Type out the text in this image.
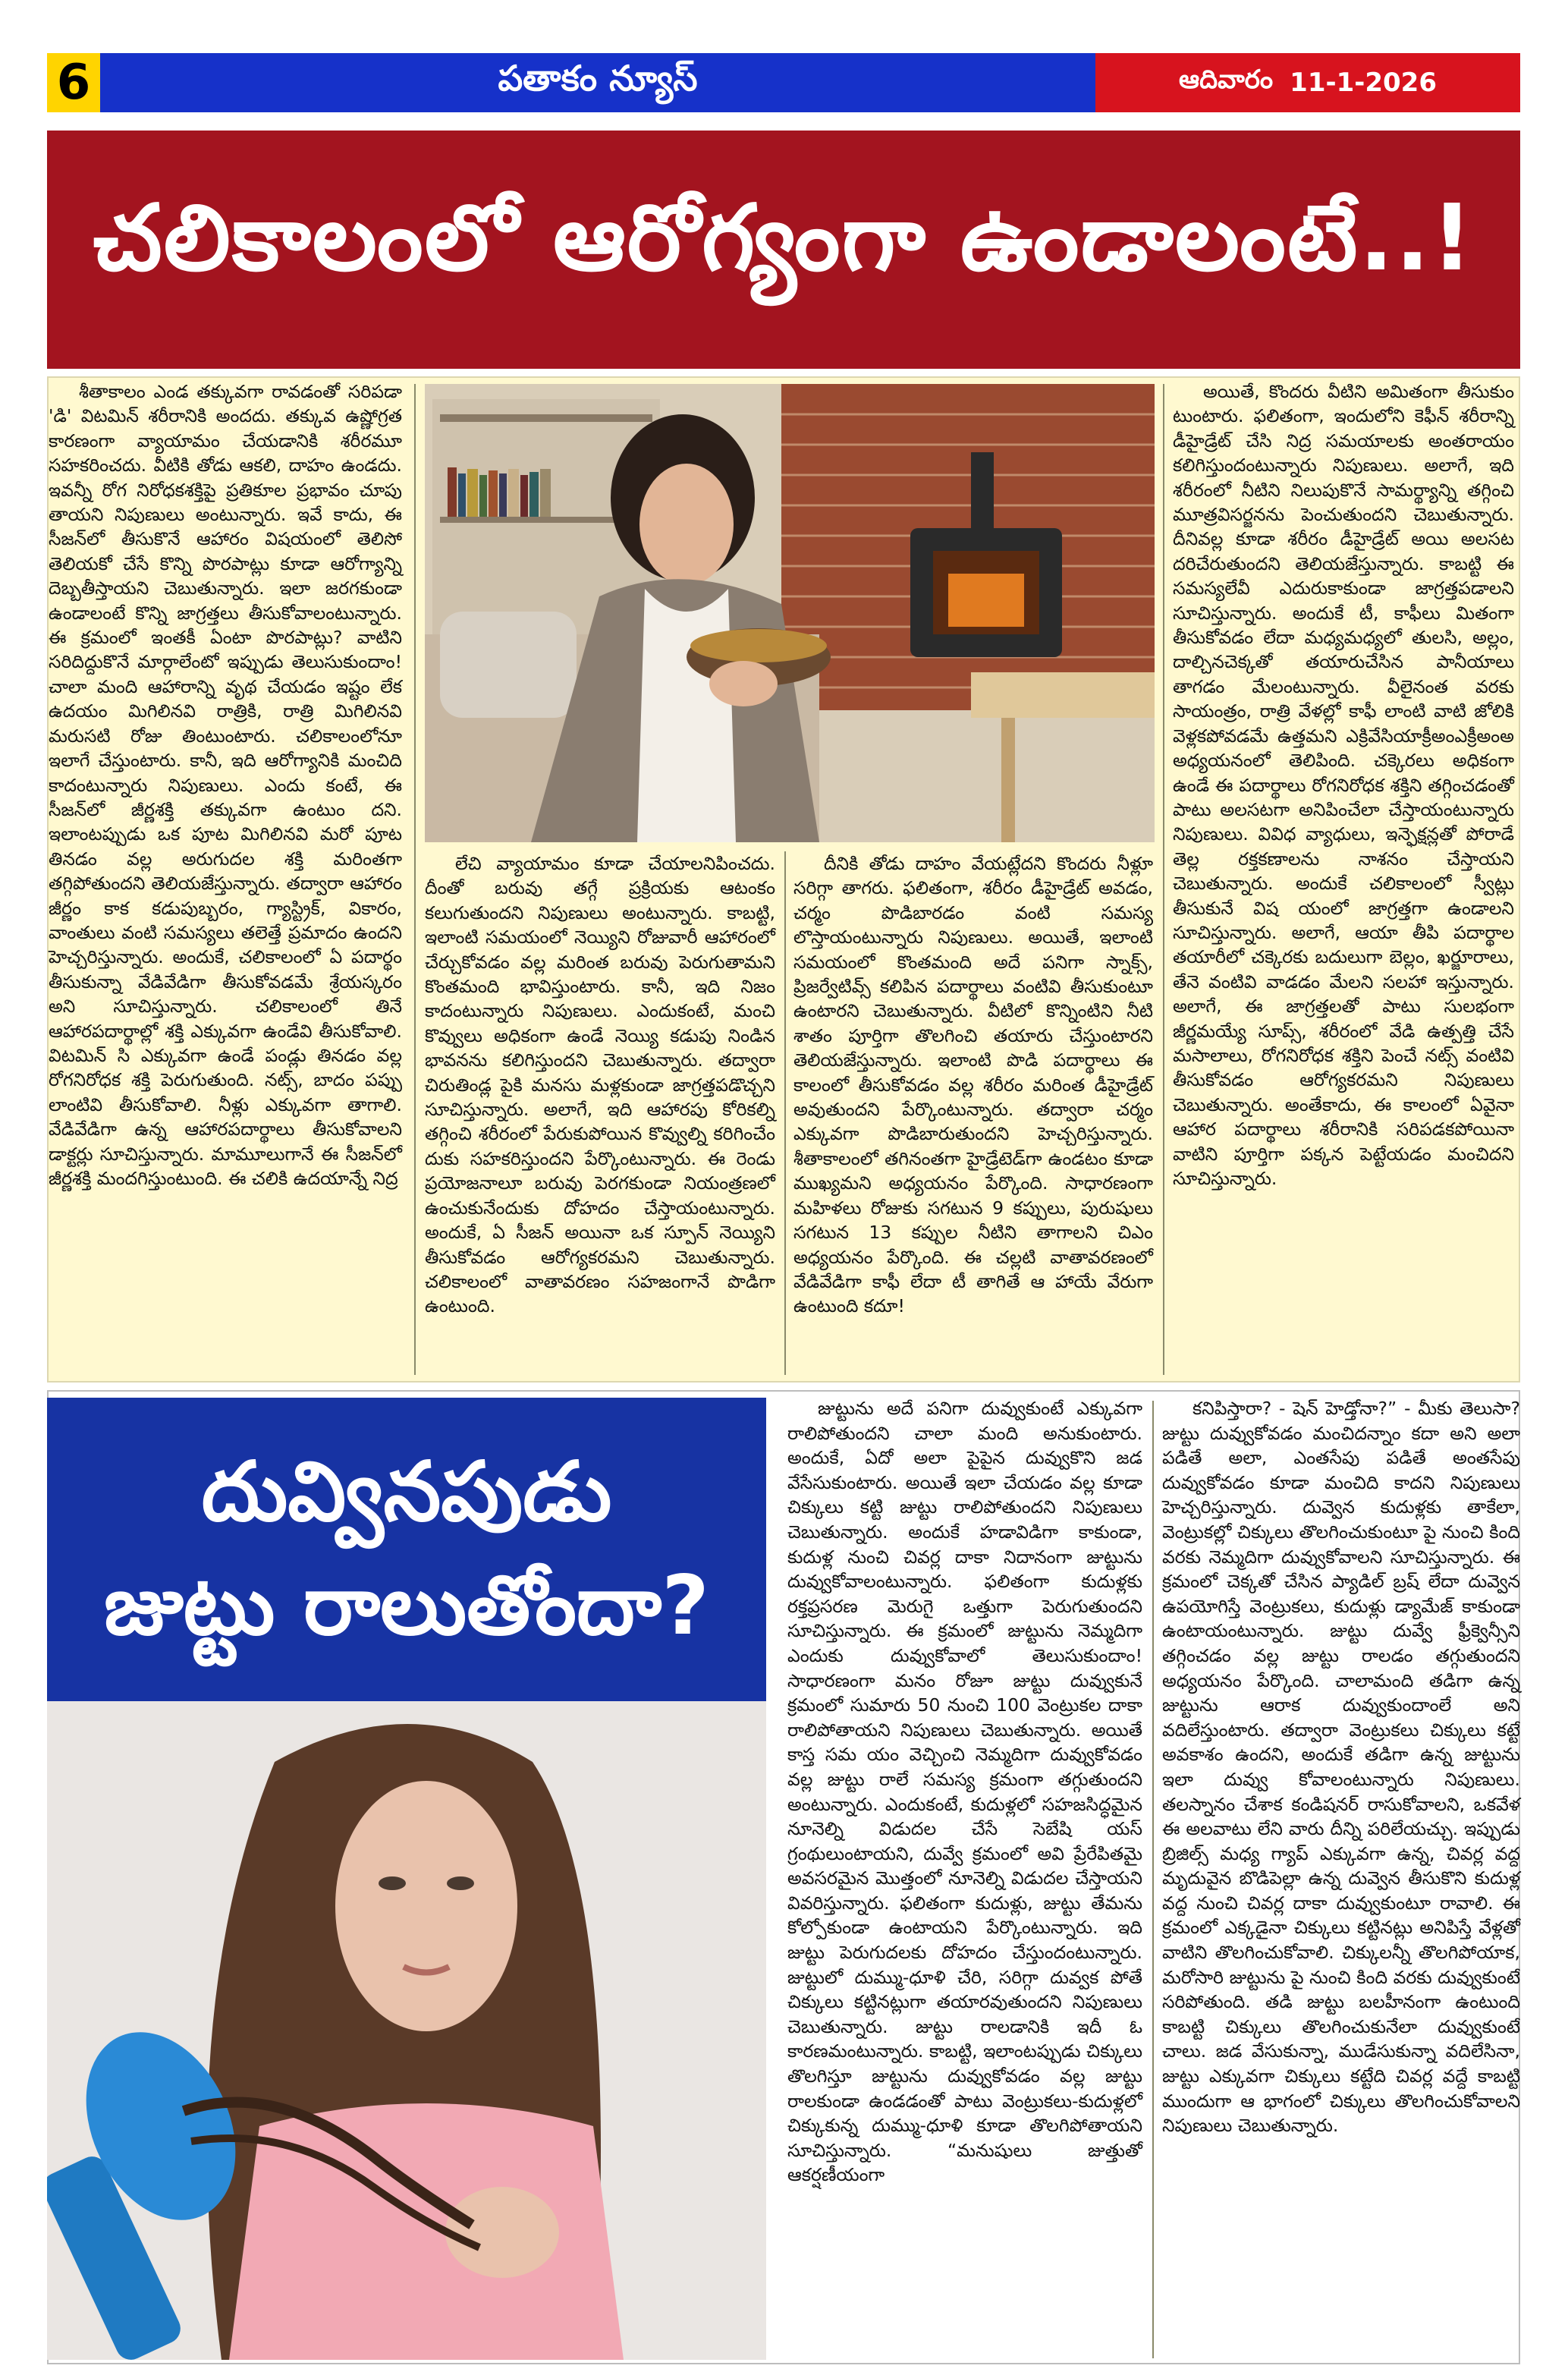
6	పతాకం న్యూస్	ఆదివారం 11-1-2026
చలికాలంలో ఆరోగ్యంగా ఉండాలంటే..!

శీతాకాలం ఎండ తక్కువగా రావడంతో సరిపడా 'డి' విటమిన్ శరీరానికి అందదు. తక్కువ ఉష్ణోగ్రత కారణంగా వ్యాయామం చేయడానికి శరీరమూ సహకరించదు. వీటికి తోడు ఆకలి, దాహం ఉండదు. ఇవన్నీ రోగ నిరోధకశక్తిపై ప్రతికూల ప్రభావం చూపు తాయని నిపుణులు అంటున్నారు. ఇవే కాదు, ఈ సీజన్‌లో తీసుకొనే ఆహారం విషయంలో తెలిసో తెలియకో చేసే కొన్ని పొరపాట్లు కూడా ఆరోగ్యాన్ని దెబ్బతీస్తాయని చెబుతున్నారు. ఇలా జరగకుండా ఉండాలంటే కొన్ని జాగ్రత్తలు తీసుకోవాలంటున్నారు. ఈ క్రమంలో ఇంతకీ ఏంటా పొరపాట్లు? వాటిని సరిదిద్దుకొనే మార్గాలేంటో ఇప్పుడు తెలుసుకుందాం! చాలా మంది ఆహారాన్ని వృథ చేయడం ఇష్టం లేక ఉదయం మిగిలినవి రాత్రికి, రాత్రి మిగిలినవి మరుసటి రోజు తింటుంటారు. చలికాలంలోనూ ఇలాగే చేస్తుంటారు. కానీ, ఇది ఆరోగ్యానికి మంచిది కాదంటున్నారు నిపుణులు. ఎందు కంటే, ఈ సీజన్‌లో జీర్ణశక్తి తక్కువగా ఉంటుం దని. ఇలాంటప్పుడు ఒక పూట మిగిలినవి మరో పూట తినడం వల్ల అరుగుదల శక్తి మరింతగా తగ్గిపోతుందని తెలియజేస్తున్నారు. తద్వారా ఆహారం జీర్ణం కాక కడుపుబ్బరం, గ్యాస్ట్రిక్, వికారం, వాంతులు వంటి సమస్యలు తలెత్తే ప్రమాదం ఉందని హెచ్చరిస్తున్నారు. అందుకే, చలికాలంలో ఏ పదార్థం తీసుకున్నా వేడివేడిగా తీసుకోవడమే శ్రేయస్కరం అని సూచిస్తున్నారు. చలికాలంలో తినే ఆహారపదార్థాల్లో శక్తి ఎక్కువగా ఉండేవి తీసుకోవాలి. విటమిన్ సి ఎక్కువగా ఉండే పండ్లు తినడం వల్ల రోగనిరోధక శక్తి పెరుగుతుంది. నట్స్, బాదం పప్పు లాంటివి తీసుకోవాలి. నీళ్లు ఎక్కువగా తాగాలి. వేడివేడిగా ఉన్న ఆహారపదార్థాలు తీసుకోవాలని డాక్టర్లు సూచిస్తున్నారు. మామూలుగానే ఈ సీజన్‌లో జీర్ణశక్తి మందగిస్తుంటుంది. ఈ చలికి ఉదయాన్నే నిద్ర

లేచి వ్యాయామం కూడా చేయాలనిపించదు. దీంతో బరువు తగ్గే ప్రక్రియకు ఆటంకం కలుగుతుందని నిపుణులు అంటున్నారు. కాబట్టి, ఇలాంటి సమయంలో నెయ్యిని రోజువారీ ఆహారంలో చేర్చుకోవడం వల్ల మరింత బరువు పెరుగుతామని కొంతమంది భావిస్తుంటారు. కానీ, ఇది నిజం కాదంటున్నారు నిపుణులు. ఎందుకంటే, మంచి కొవ్వులు అధికంగా ఉండే నెయ్యి కడుపు నిండిన భావనను కలిగిస్తుందని చెబుతున్నారు. తద్వారా చిరుతిండ్ల పైకి మనసు మళ్లకుండా జాగ్రత్తపడొచ్చని సూచిస్తున్నారు. అలాగే, ఇది ఆహారపు కోరికల్ని తగ్గించి శరీరంలో పేరుకుపోయిన కొవ్వుల్ని కరిగించేం దుకు సహకరిస్తుందని పేర్కొంటున్నారు. ఈ రెండు ప్రయోజనాలూ బరువు పెరగకుండా నియంత్రణలో ఉంచుకునేందుకు దోహదం చేస్తాయంటున్నారు. అందుకే, ఏ సీజన్ అయినా ఒక స్పూన్ నెయ్యిని తీసుకోవడం ఆరోగ్యకరమని చెబుతున్నారు. చలికాలంలో వాతావరణం సహజంగానే పొడిగా ఉంటుంది.

దీనికి తోడు దాహం వేయట్లేదని కొందరు నీళ్లూ సరిగ్గా తాగరు. ఫలితంగా, శరీరం డీహైడ్రేట్ అవడం, చర్మం పొడిబారడం వంటి సమస్య లొస్తాయంటున్నారు నిపుణులు. అయితే, ఇలాంటి సమయంలో కొంతమంది అదే పనిగా స్నాక్స్, ప్రిజర్వేటివ్స్ కలిపిన పదార్థాలు వంటివి తీసుకుంటూ ఉంటారని చెబుతున్నారు. వీటిలో కొన్నింటిని నీటి శాతం పూర్తిగా తొలగించి తయారు చేస్తుంటారని తెలియజేస్తున్నారు. ఇలాంటి పొడి పదార్థాలు ఈ కాలంలో తీసుకోవడం వల్ల శరీరం మరింత డీహైడ్రేట్ అవుతుందని పేర్కొంటున్నారు. తద్వారా చర్మం ఎక్కువగా పొడిబారుతుందని హెచ్చరిస్తున్నారు. శీతాకాలంలో తగినంతగా హైడ్రేటెడ్‌గా ఉండటం కూడా ముఖ్యమని అధ్యయనం పేర్కొంది. సాధారణంగా మహిళలు రోజుకు సగటున 9 కప్పులు, పురుషులు సగటున 13 కప్పుల నీటిని తాగాలని చిఎం అధ్యయనం పేర్కొంది. ఈ చల్లటి వాతావరణంలో వేడివేడిగా కాఫీ లేదా టీ తాగితే ఆ హాయే వేరుగా ఉంటుంది కదూ!

అయితే, కొందరు వీటిని అమితంగా తీసుకుం టుంటారు. ఫలితంగా, ఇందులోని కెఫీన్ శరీరాన్ని డీహైడ్రేట్ చేసి నిద్ర సమయాలకు అంతరాయం కలిగిస్తుందంటున్నారు నిపుణులు. అలాగే, ఇది శరీరంలో నీటిని నిలుపుకొనే సామర్థ్యాన్ని తగ్గించి మూత్రవిసర్జనను పెంచుతుందని చెబుతున్నారు. దీనివల్ల కూడా శరీరం డీహైడ్రేట్ అయి అలసట దరిచేరుతుందని తెలియజేస్తున్నారు. కాబట్టి ఈ సమస్యలేవీ ఎదురుకాకుండా జాగ్రత్తపడాలని సూచిస్తున్నారు. అందుకే టీ, కాఫీలు మితంగా తీసుకోవడం లేదా మధ్యమధ్యలో తులసి, అల్లం, దాల్చినచెక్కతో తయారుచేసిన పానీయాలు తాగడం మేలంటున్నారు. వీలైనంత వరకు సాయంత్రం, రాత్రి వేళల్లో కాఫీ లాంటి వాటి జోలికి వెళ్లకపోవడమే ఉత్తమని ఎక్రివేసియాక్రీఅంఎక్రీఅంఅ అధ్యయనంలో తెలిపింది. చక్కెరలు అధికంగా ఉండే ఈ పదార్థాలు రోగనిరోధక శక్తిని తగ్గించడంతో పాటు అలసటగా అనిపించేలా చేస్తాయంటున్నారు నిపుణులు. వివిధ వ్యాధులు, ఇన్ఫెక్షన్లతో పోరాడే తెల్ల రక్తకణాలను నాశనం చేస్తాయని చెబుతున్నారు. అందుకే చలికాలంలో స్వీట్లు తీసుకునే విష యంలో జాగ్రత్తగా ఉండాలని సూచిస్తున్నారు. అలాగే, ఆయా తీపి పదార్థాల తయారీలో చక్కెరకు బదులుగా బెల్లం, ఖర్జూరాలు, తేనె వంటివి వాడడం మేలని సలహా ఇస్తున్నారు. అలాగే, ఈ జాగ్రత్తలతో పాటు సులభంగా జీర్ణమయ్యే సూప్స్, శరీరంలో వేడి ఉత్పత్తి చేసే మసాలాలు, రోగనిరోధక శక్తిని పెంచే నట్స్ వంటివి తీసుకోవడం ఆరోగ్యకరమని నిపుణులు చెబుతున్నారు. అంతేకాదు, ఈ కాలంలో ఏవైనా ఆహార పదార్థాలు శరీరానికి సరిపడకపోయినా వాటిని పూర్తిగా పక్కన పెట్టేయడం మంచిదని సూచిస్తున్నారు.

దువ్వినపుడు
జుట్టు రాలుతోందా?

జుట్టును అదే పనిగా దువ్వుకుంటే ఎక్కువగా రాలిపోతుందని చాలా మంది అనుకుంటారు. అందుకే, ఏదో అలా పైపైన దువ్వుకొని జడ వేసేసుకుంటారు. అయితే ఇలా చేయడం వల్ల కూడా చిక్కులు కట్టి జుట్టు రాలిపోతుందని నిపుణులు చెబుతున్నారు. అందుకే హడావిడిగా కాకుండా, కుదుళ్ల నుంచి చివర్ల దాకా నిదానంగా జుట్టును దువ్వుకోవాలంటున్నారు. ఫలితంగా కుదుళ్లకు రక్తప్రసరణ మెరుగై ఒత్తుగా పెరుగుతుందని సూచిస్తున్నారు. ఈ క్రమంలో జుట్టును నెమ్మదిగా ఎందుకు దువ్వుకోవాలో తెలుసుకుందాం! సాధారణంగా మనం రోజూ జుట్టు దువ్వుకునే క్రమంలో సుమారు 50 నుంచి 100 వెంట్రుకల దాకా రాలిపోతాయని నిపుణులు చెబుతున్నారు. అయితే కాస్త సమ యం వెచ్చించి నెమ్మదిగా దువ్వుకోవడం వల్ల జుట్టు రాలే సమస్య క్రమంగా తగ్గుతుందని అంటున్నారు. ఎందుకంటే, కుదుళ్లలో సహజసిద్ధమైన నూనెల్ని విడుదల చేసే సెబేషి యస్ గ్రంథులుంటాయని, దువ్వే క్రమంలో అవి ప్రేరేపితమై అవసరమైన మొత్తంలో నూనెల్ని విడుదల చేస్తాయని వివరిస్తున్నారు. ఫలితంగా కుదుళ్లు, జుట్టు తేమను కోల్పోకుండా ఉంటాయని పేర్కొంటున్నారు. ఇది జుట్టు పెరుగుదలకు దోహదం చేస్తుందంటున్నారు. జుట్టులో దుమ్ము-ధూళి చేరి, సరిగ్గా దువ్వక పోతే చిక్కులు కట్టినట్లుగా తయారవుతుందని నిపుణులు చెబుతున్నారు. జుట్టు రాలడానికి ఇదీ ఓ కారణమంటున్నారు. కాబట్టి, ఇలాంటప్పుడు చిక్కులు తొలగిస్తూ జుట్టును దువ్వుకోవడం వల్ల జుట్టు రాలకుండా ఉండడంతో పాటు వెంట్రుకలు-కుదుళ్లలో చిక్కుకున్న దుమ్ము-ధూళి కూడా తొలగిపోతాయని సూచిస్తున్నారు. “మనుషులు జుత్తుతో ఆకర్షణీయంగా

కనిపిస్తారా? - షెన్ హెడ్తోనా?” - మీకు తెలుసా? జుట్టు దువ్వుకోవడం మంచిదన్నాం కదా అని అలా పడితే అలా, ఎంతసేపు పడితే అంతసేపు దువ్వుకోవడం కూడా మంచిది కాదని నిపుణులు హెచ్చరిస్తున్నారు. దువ్వెన కుదుళ్లకు తాకేలా, వెంట్రుకల్లో చిక్కులు తొలగించుకుంటూ పై నుంచి కింది వరకు నెమ్మదిగా దువ్వుకోవాలని సూచిస్తున్నారు. ఈ క్రమంలో చెక్కతో చేసిన ప్యాడిల్ బ్రష్ లేదా దువ్వెన ఉపయోగిస్తే వెంట్రుకలు, కుదుళ్లు డ్యామేజ్ కాకుండా ఉంటాయంటున్నారు. జుట్టు దువ్వే ఫ్రీక్వెన్సీని తగ్గించడం వల్ల జుట్టు రాలడం తగ్గుతుందని అధ్యయనం పేర్కొంది. చాలామంది తడిగా ఉన్న జుట్టును ఆరాక దువ్వుకుందాంలే అని వదిలేస్తుంటారు. తద్వారా వెంట్రుకలు చిక్కులు కట్టే అవకాశం ఉందని, అందుకే తడిగా ఉన్న జుట్టును ఇలా దువ్వు కోవాలంటున్నారు నిపుణులు. తలస్నానం చేశాక కండిషనర్ రాసుకోవాలని, ఒకవేళ ఈ అలవాటు లేని వారు దీన్ని పరిలేయచ్చు. ఇప్పుడు బ్రిజిల్స్ మధ్య గ్యాప్ ఎక్కువగా ఉన్న, చివర్ల వద్ద మృదువైన బొడిపెల్లా ఉన్న దువ్వెన తీసుకొని కుదుళ్ల వద్ద నుంచి చివర్ల దాకా దువ్వుకుంటూ రావాలి. ఈ క్రమంలో ఎక్కడైనా చిక్కులు కట్టినట్లు అనిపిస్తే వేళ్లతో వాటిని తొలగించుకోవాలి. చిక్కులన్నీ తొలగిపోయాక, మరోసారి జుట్టును పై నుంచి కింది వరకు దువ్వుకుంటే సరిపోతుంది. తడి జుట్టు బలహీనంగా ఉంటుంది కాబట్టి చిక్కులు తొలగించుకునేలా దువ్వుకుంటే చాలు. జడ వేసుకున్నా, ముడేసుకున్నా వదిలేసినా, జుట్టు ఎక్కువగా చిక్కులు కట్టేది చివర్ల వద్దే కాబట్టి ముందుగా ఆ భాగంలో చిక్కులు తొలగించుకోవాలని నిపుణులు చెబుతున్నారు.
